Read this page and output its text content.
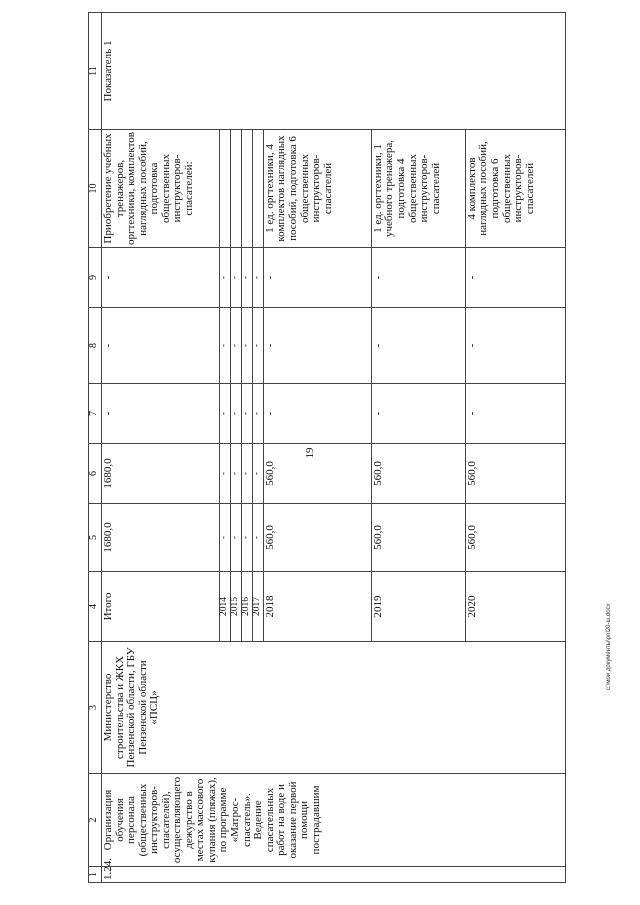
19
c:\мои документы\pril20-ш.docx
1	2	3	4	5	6	7	8	9	10	11
1.24.	Организация обучения персонала (общественных инструкторов-спасателей), осуществляющего дежурство в местах массового купания (пляжах), по программе «Матрос-спасатель». Ведение спасательных работ на воде и оказание первой помощи пострадавшим	Министерство строительства и ЖКХ Пензенской области, ГБУ Пензенской области «ПСЦ»	Итого	1680,0	1680,0	-	-	-	Приобретение учебных тренажеров, оргтехники, комплектов наглядных пособий, подготовка общественных инструкторов-спасателей:	Показатель 1
			2014	-	-	-	-	-		
			2015	-	-	-	-	-		
			2016	-	-	-	-	-		
			2017	-	-	-	-	-		
			2018	560,0	560,0	-	-	-	1 ед. оргтехники, 4 комплектов наглядных пособий, подготовка 6 общественных инструкторов-спасателей	
			2019	560,0	560,0	-	-	-	1 ед. оргтехники, 1 учебного тренажера, подготовка 4 общественных инструкторов-спасателей	
			2020	560,0	560,0	-	-	-	4 комплектов наглядных пособий, подготовка 6 общественных инструкторов-спасателей	
